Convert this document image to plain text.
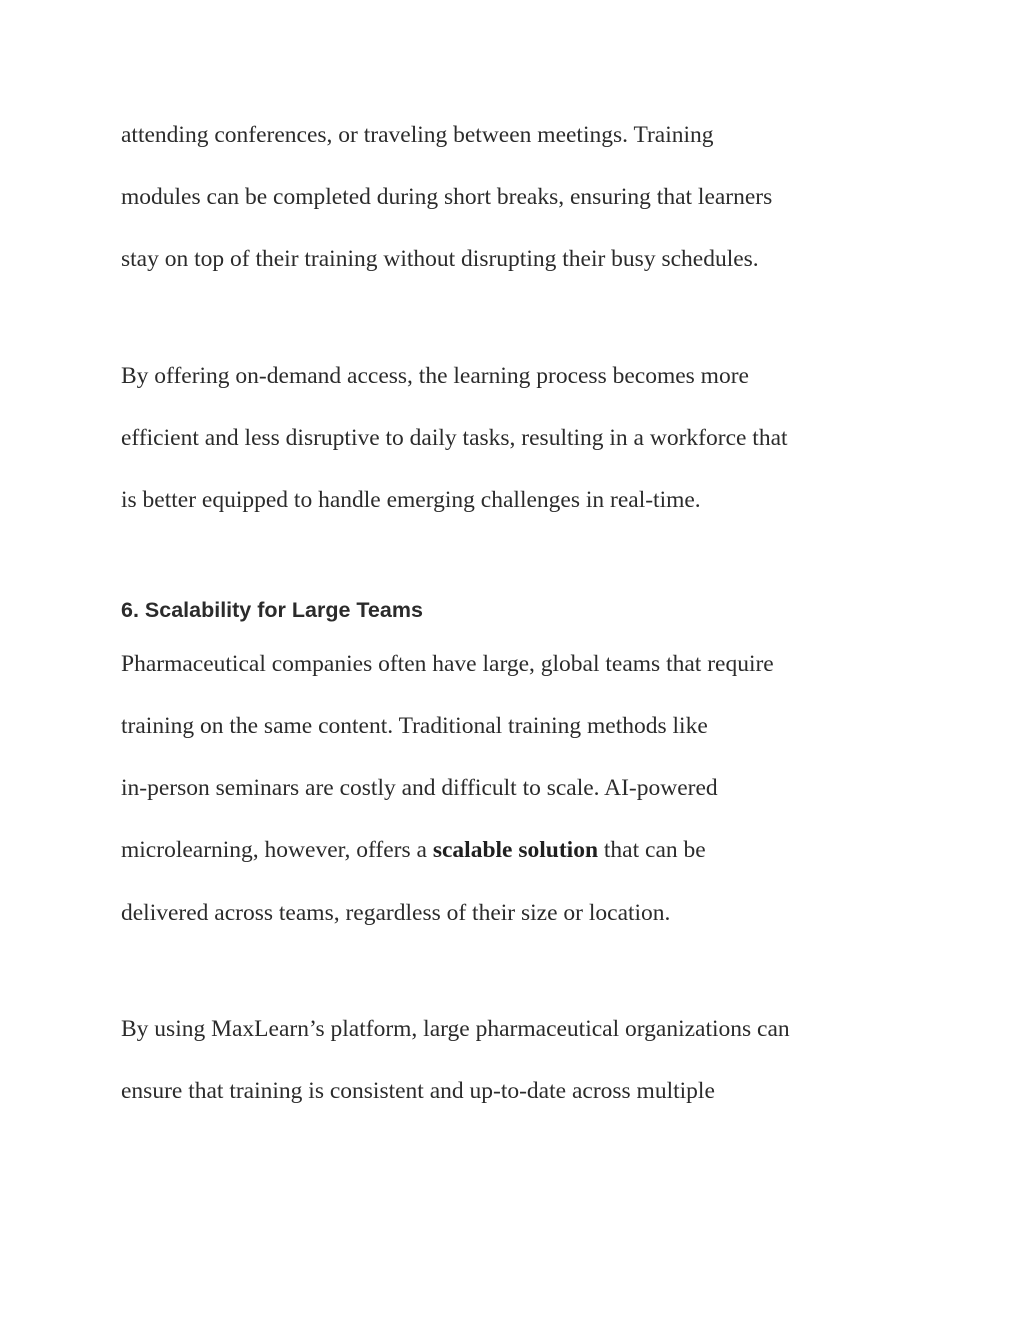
attending conferences, or traveling between meetings. Training
modules can be completed during short breaks, ensuring that learners
stay on top of their training without disrupting their busy schedules.
By offering on-demand access, the learning process becomes more
efficient and less disruptive to daily tasks, resulting in a workforce that
is better equipped to handle emerging challenges in real-time.
6. Scalability for Large Teams
Pharmaceutical companies often have large, global teams that require
training on the same content. Traditional training methods like
in-person seminars are costly and difficult to scale. AI-powered
microlearning, however, offers a scalable solution that can be
delivered across teams, regardless of their size or location.
By using MaxLearn’s platform, large pharmaceutical organizations can
ensure that training is consistent and up-to-date across multiple
